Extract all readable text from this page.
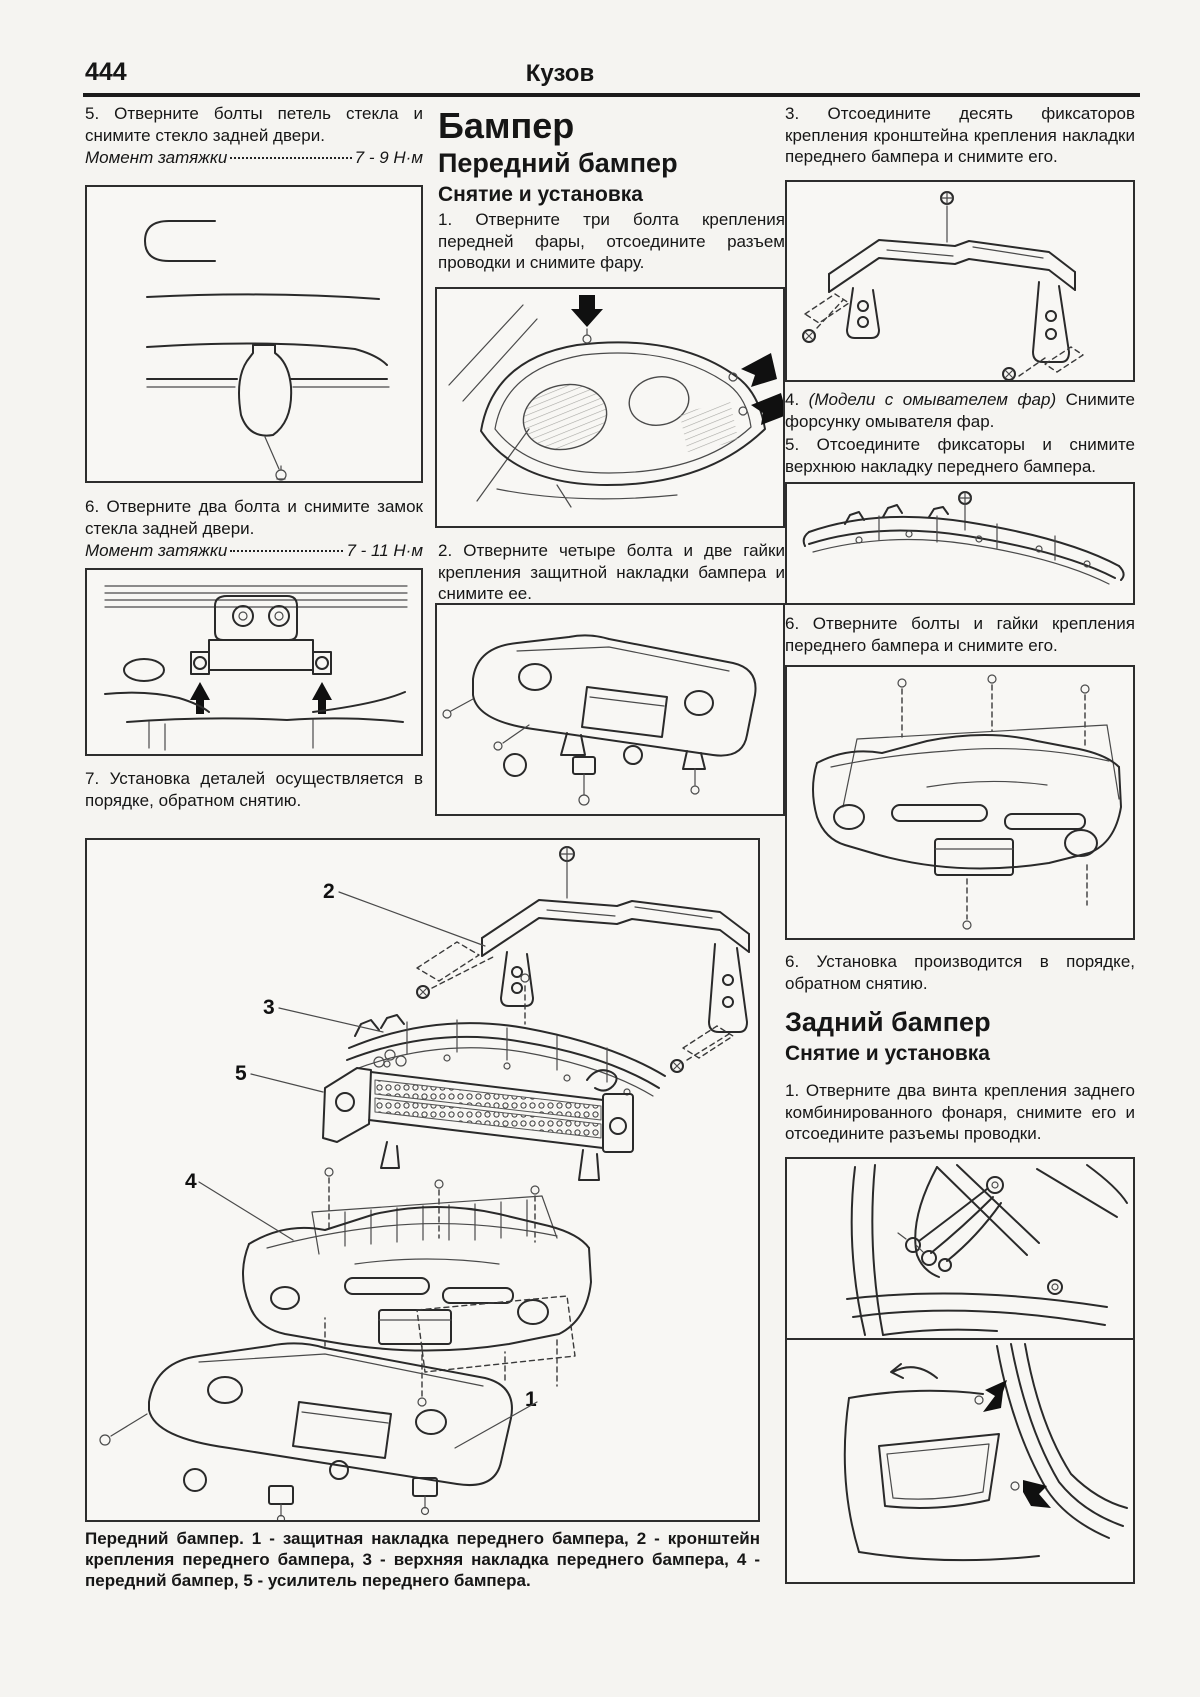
444	Кузов

5. Отверните болты петель стекла и снимите стекло задней двери.

Момент затяжки	7 - 9 Н·м

6. Отверните два болта и снимите замок стекла задней двери.

Момент затяжки	7 - 11 Н·м

7. Установка деталей осуществляется в порядке, обратном снятию.

Бампер

Передний бампер

Снятие и установка

1. Отверните три болта крепления передней фары, отсоедините разъем проводки и снимите фару.

2. Отверните четыре болта и две гайки крепления защитной накладки бампера и снимите ее.

3. Отсоедините десять фиксаторов крепления кронштейна крепления накладки переднего бампера и снимите его.

4. (Модели с омывателем фар) Снимите форсунку омывателя фар.

5. Отсоедините фиксаторы и снимите верхнюю накладку переднего бампера.

6. Отверните болты и гайки крепления переднего бампера и снимите его.

6. Установка производится в порядке, обратном снятию.

Задний бампер

Снятие и установка

1. Отверните два винта крепления заднего комбинированного фонаря, снимите его и отсоедините разъемы проводки.

2
3
5
4
1
Передний бампер. 1 - защитная накладка переднего бампера, 2 - кронштейн крепления переднего бампера, 3 - верхняя накладка переднего бампера, 4 - передний бампер, 5 - усилитель переднего бампера.
